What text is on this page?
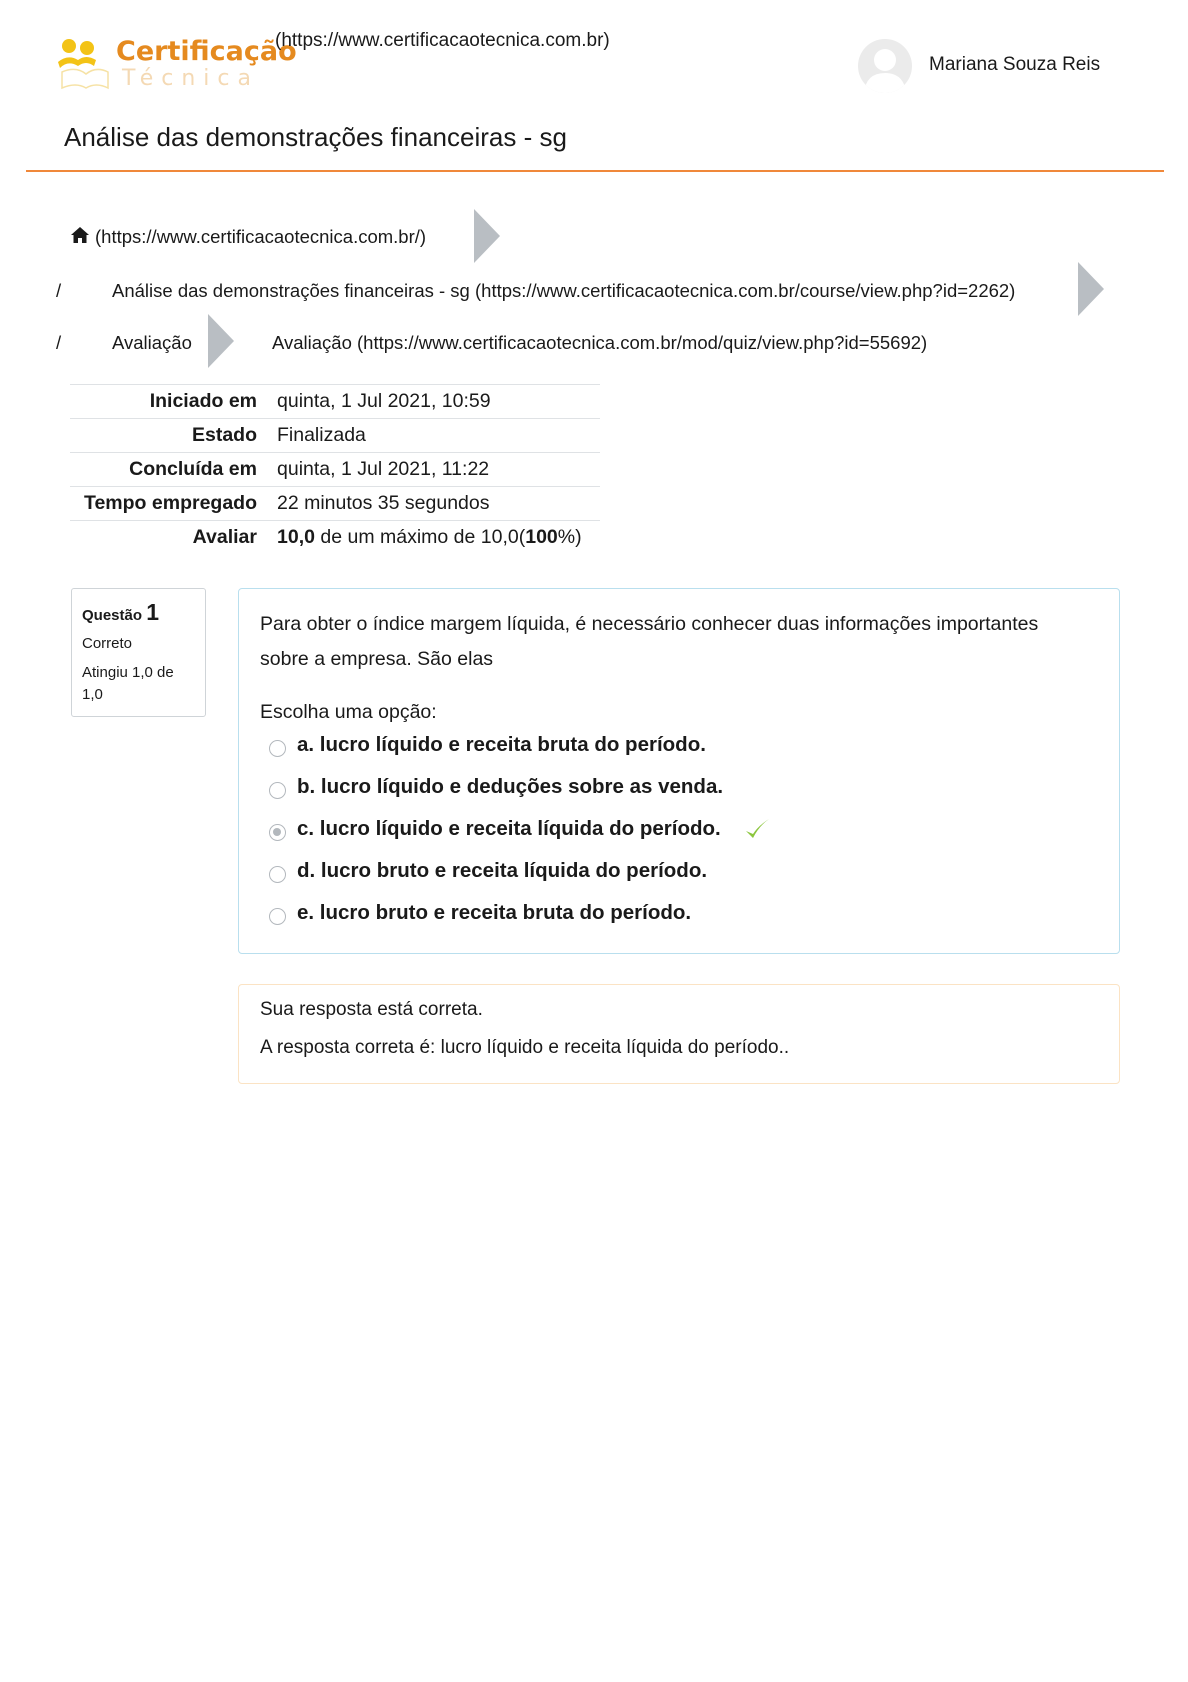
Certificação
Técnica
(https://www.certificacaotecnica.com.br)
Mariana Souza Reis
Análise das demonstrações financeiras - sg
(https://www.certificacaotecnica.com.br/)
/	Análise das demonstrações financeiras - sg (https://www.certificacaotecnica.com.br/course/view.php?id=2262)
/	Avaliação	Avaliação (https://www.certificacaotecnica.com.br/mod/quiz/view.php?id=55692)
Iniciado em	quinta, 1 Jul 2021, 10:59
Estado	Finalizada
Concluída em	quinta, 1 Jul 2021, 11:22
Tempo empregado	22 minutos 35 segundos
Avaliar	10,0 de um máximo de 10,0(100%)
Questão 1
Correto
Atingiu 1,0 de 1,0
Para obter o índice margem líquida, é necessário conhecer duas informações importantes sobre a empresa. São elas
Escolha uma opção:
a. lucro líquido e receita bruta do período.
b. lucro líquido e deduções sobre as venda.
c. lucro líquido e receita líquida do período.
d. lucro bruto e receita líquida do período.
e. lucro bruto e receita bruta do período.
Sua resposta está correta.
A resposta correta é: lucro líquido e receita líquida do período..
